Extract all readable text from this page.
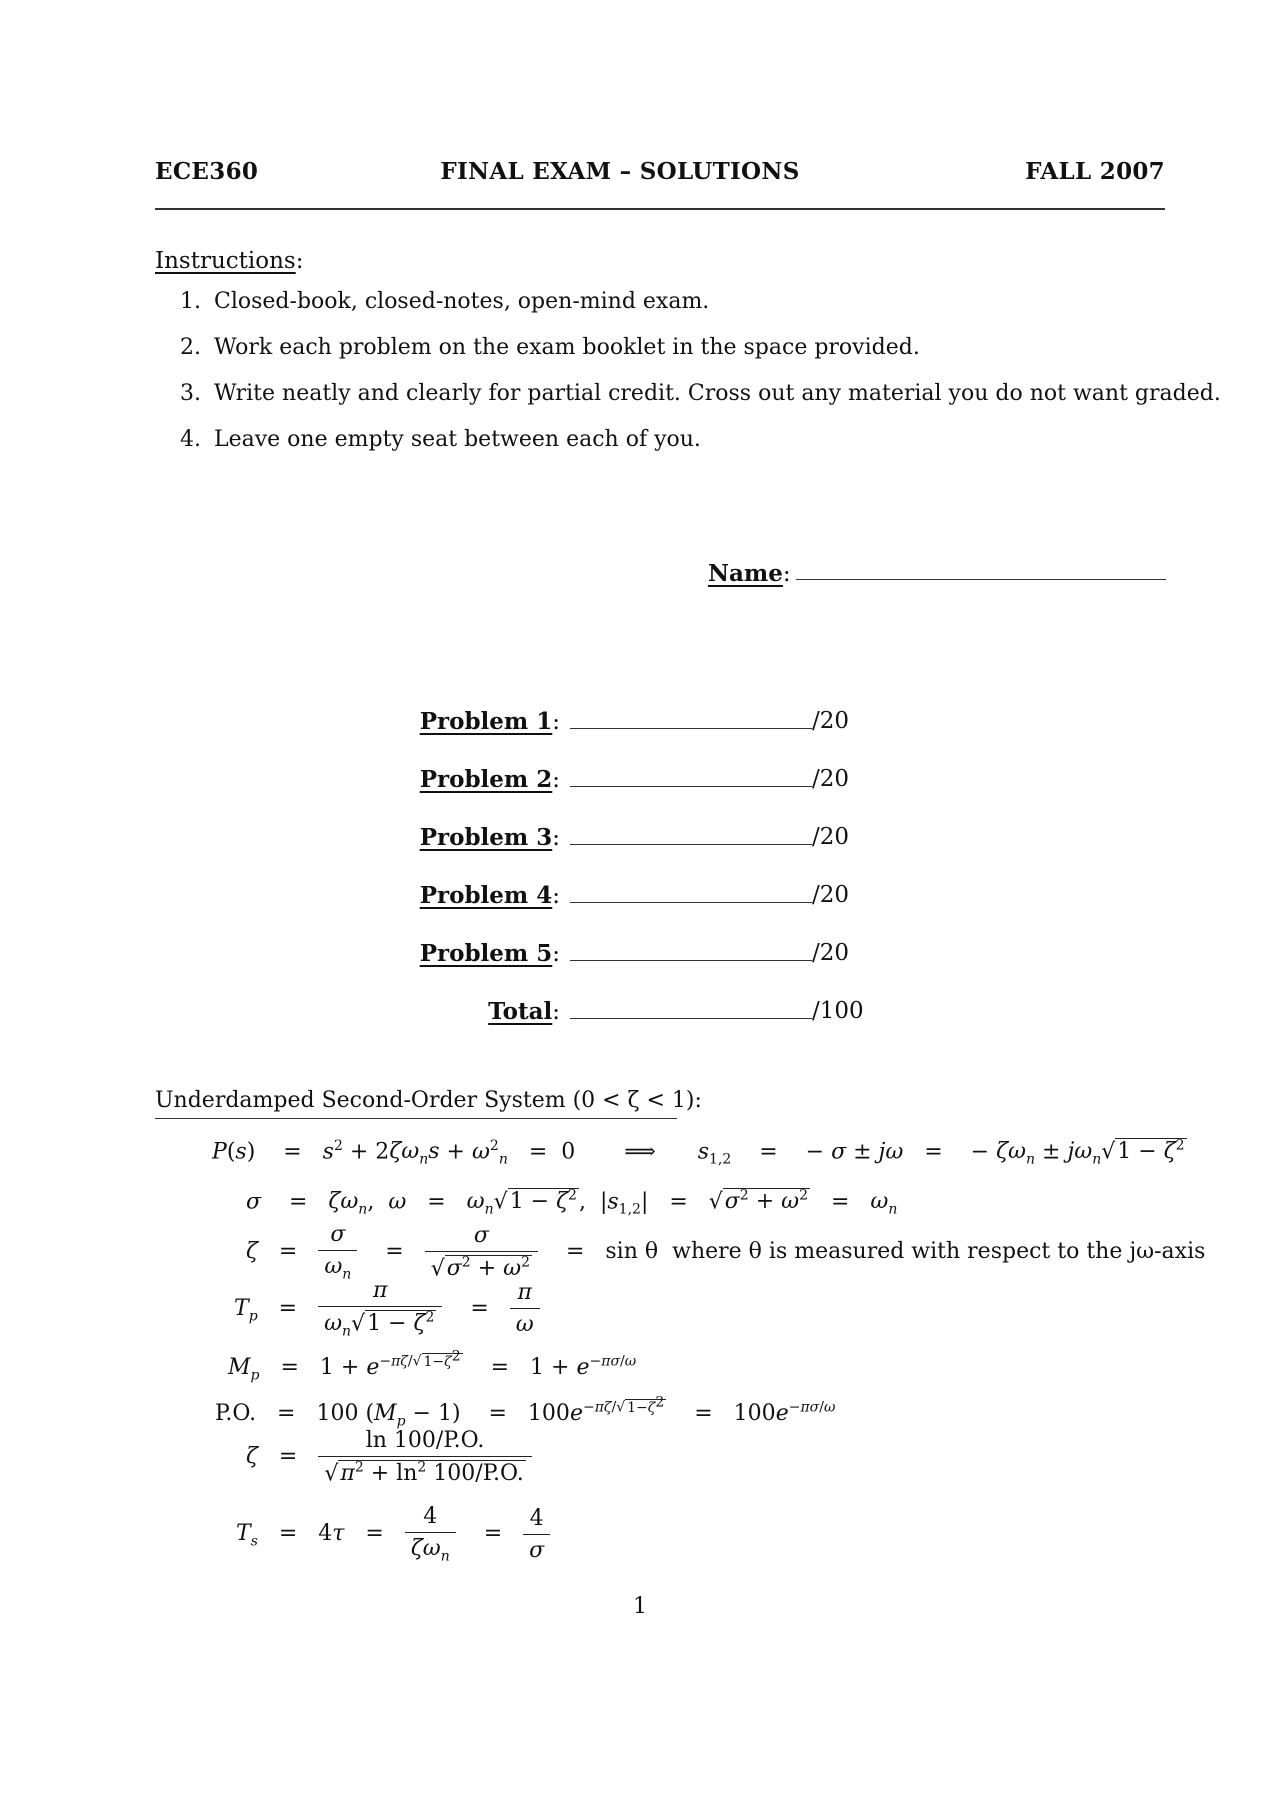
ECE360	FINAL EXAM – SOLUTIONS	FALL 2007
Instructions:
1. Closed-book, closed-notes, open-mind exam.
2. Work each problem on the exam booklet in the space provided.
3. Write neatly and clearly for partial credit. Cross out any material you do not want graded.
4. Leave one empty seat between each of you.
Name:
Problem 1:	/20
Problem 2:	/20
Problem 3:	/20
Problem 4:	/20
Problem 5:	/20
Total:	/100
Underdamped Second-Order System (0 < ζ < 1):
P(s)    =   $s^2 + 2\zeta\omega_ns + \omega^2_n = 0$       ⟹      $s_{1,2}$    =    − σ ± jω   =    − $\zeta\omega_n \pm j\omega_n√1 - \zeta^2$
σ    =   $\zeta\omega_n$,  $\omega = \omega_n√1 - \zeta^2$,  $|s_{1,2}| = √\sigma^2 + \omega^2 = \omega_n$
$\zeta = \frac{\sigma}{\omega_n} = \frac{\sigma}{√\sigma^2 + \omega^2} = \sin \theta$ where θ is measured with respect to the jω-axis
$T_p = \frac{\pi}{\omega_n√1 - \zeta^2} = \frac{\pi}{\omega}$
$M_p = 1 + e^{-\pi\zeta/√ 1-\zeta^2}$    =   $1 + e^{-\pi\sigma/\omega}$
P.O.   =   100 $(M_p - 1)$    =   $100e^{-\pi\zeta/√ 1-\zeta^2}$    =   $100e^{-\pi\sigma/\omega}$
$\zeta = \frac{\ln 100/P.O.}{√\pi^2 + \ln^2 100/P.O.}$
$T_s = 4\tau = \frac{4}{\zeta\omega_n} = \frac{4}{\sigma}$
1
